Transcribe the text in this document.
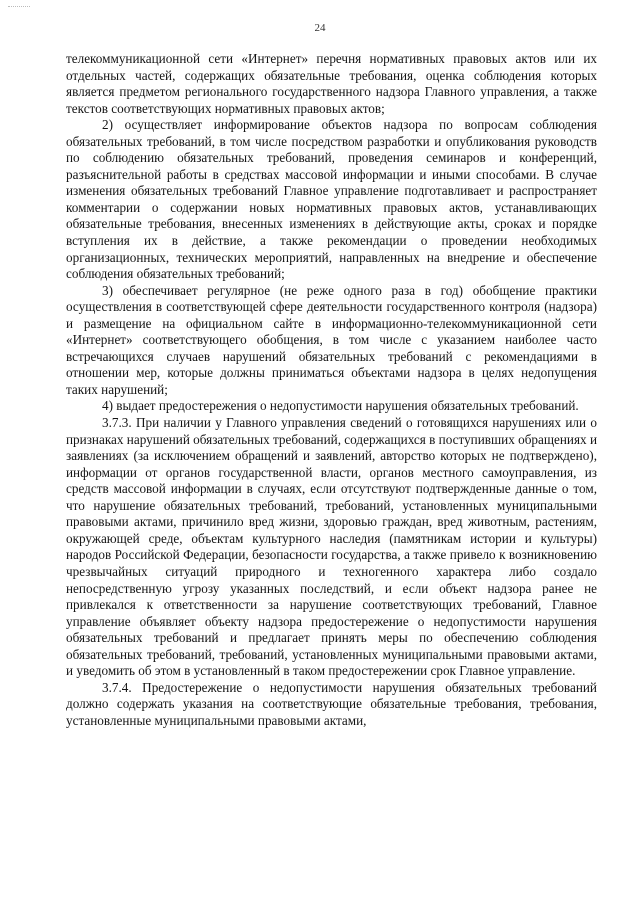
24

телекоммуникационной сети «Интернет» перечня нормативных правовых актов или их отдельных частей, содержащих обязательные требования, оценка соблюдения которых является предметом регионального государственного надзора Главного управления, а также текстов соответствующих нормативных правовых актов;

2) осуществляет информирование объектов надзора по вопросам соблюдения обязательных требований, в том числе посредством разработки и опубликования руководств по соблюдению обязательных требований, проведения семинаров и конференций, разъяснительной работы в средствах массовой информации и иными способами. В случае изменения обязательных требований Главное управление подготавливает и распространяет комментарии о содержании новых нормативных правовых актов, устанавливающих обязательные требования, внесенных изменениях в действующие акты, сроках и порядке вступления их в действие, а также рекомендации о проведении необходимых организационных, технических мероприятий, направленных на внедрение и обеспечение соблюдения обязательных требований;

3) обеспечивает регулярное (не реже одного раза в год) обобщение практики осуществления в соответствующей сфере деятельности государственного контроля (надзора) и размещение на официальном сайте в информационно-телекоммуникационной сети «Интернет» соответствующего обобщения, в том числе с указанием наиболее часто встречающихся случаев нарушений обязательных требований с рекомендациями в отношении мер, которые должны приниматься объектами надзора в целях недопущения таких нарушений;

4) выдает предостережения о недопустимости нарушения обязательных требований.

3.7.3. При наличии у Главного управления сведений о готовящихся нарушениях или о признаках нарушений обязательных требований, содержащихся в поступивших обращениях и заявлениях (за исключением обращений и заявлений, авторство которых не подтверждено), информации от органов государственной власти, органов местного самоуправления, из средств массовой информации в случаях, если отсутствуют подтвержденные данные о том, что нарушение обязательных требований, требований, установленных муниципальными правовыми актами, причинило вред жизни, здоровью граждан, вред животным, растениям, окружающей среде, объектам культурного наследия (памятникам истории и культуры) народов Российской Федерации, безопасности государства, а также привело к возникновению чрезвычайных ситуаций природного и техногенного характера либо создало непосредственную угрозу указанных последствий, и если объект надзора ранее не привлекался к ответственности за нарушение соответствующих требований, Главное управление объявляет объекту надзора предостережение о недопустимости нарушения обязательных требований и предлагает принять меры по обеспечению соблюдения обязательных требований, требований, установленных муниципальными правовыми актами, и уведомить об этом в установленный в таком предостережении срок Главное управление.

3.7.4. Предостережение о недопустимости нарушения обязательных требований должно содержать указания на соответствующие обязательные требования, требования, установленные муниципальными правовыми актами,
